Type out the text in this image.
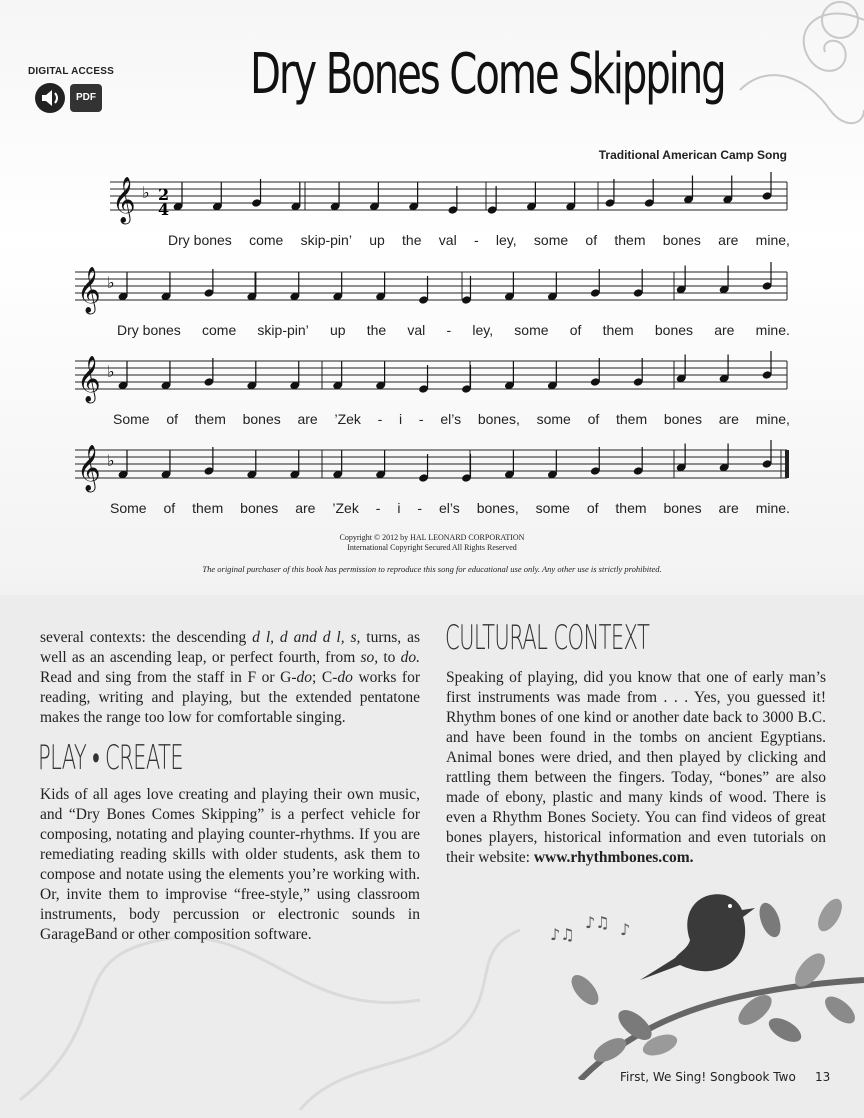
DIGITAL ACCESS
PDF	Dry Bones Come Skipping
Traditional American Camp Song
𝄞 ♭
𝄞 ♭
𝄞 ♭
𝄞 ♭
2
4
Dry bones come skip-pin’ up the val - ley, some of them bones are mine,
Dry bones come skip-pin’ up the val - ley, some of them bones are mine.
Some of them bones are ’Zek - i - el’s bones, some of them bones are mine,
Some of them bones are ’Zek - i - el’s bones, some of them bones are mine.
Copyright © 2012 by HAL LEONARD CORPORATION
International Copyright Secured All Rights Reserved
The original purchaser of this book has permission to reproduce this song for educational use only. Any other use is strictly prohibited.

several contexts: the descending d l, d and d l, s, turns, as well as an ascending leap, or perfect fourth, from so, to do. Read and sing from the staff in F or G-do; C-do works for reading, writing and playing, but the extended pentatone makes the range too low for comfortable singing.

PLAY • CREATE

Kids of all ages love creating and playing their own music, and “Dry Bones Comes Skipping” is a perfect vehicle for composing, notating and playing counter-rhythms. If you are remediating reading skills with older students, ask them to compose and notate using the elements you’re working with. Or, invite them to improvise “free-style,” using classroom instruments, body percussion or electronic sounds in GarageBand or other composition software.

CULTURAL CONTEXT

Speaking of playing, did you know that one of early man’s first instruments was made from . . . Yes, you guessed it! Rhythm bones of one kind or another date back to 3000 B.C. and have been found in the tombs on ancient Egyptians. Animal bones were dried, and then played by clicking and rattling them between the fingers. Today, “bones” are also made of ebony, plastic and many kinds of wood. There is even a Rhythm Bones Society. You can find videos of great bones players, historical information and even tutorials on their website: www.rhythmbones.com.

♪♫
♪♫ ♪
First, We Sing! Songbook Two 13
